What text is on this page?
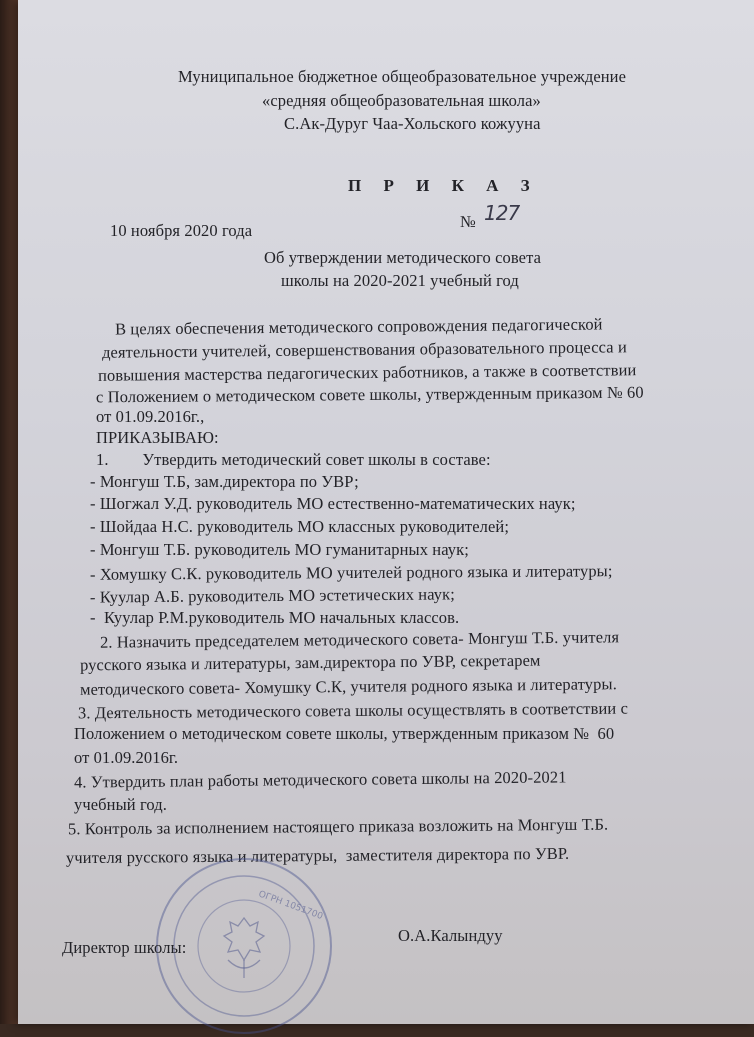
Муниципальное бюджетное общеобразовательное учреждение
«средняя общеобразовательная школа»
С.Ак-Дуруг Чаа-Хольского кожууна
П Р И К А З
10 ноября 2020 года	№ 127
Об утверждении методического совета
школы на 2020-2021 учебный год
В целях обеспечения методического сопровождения педагогической
деятельности учителей, совершенствования образовательного процесса и
повышения мастерства педагогических работников, а также в соответствии
с Положением о методическом совете школы, утвержденным приказом № 60
от 01.09.2016г.,
ПРИКАЗЫВАЮ:
1.        Утвердить методический совет школы в составе:
- Монгуш Т.Б, зам.директора по УВР;
- Шогжал У.Д. руководитель МО естественно-математических наук;
- Шойдаа Н.С. руководитель МО классных руководителей;
- Монгуш Т.Б. руководитель МО гуманитарных наук;
- Хомушку С.К. руководитель МО учителей родного языка и литературы;
- Куулар А.Б. руководитель МО эстетических наук;
-  Куулар Р.М.руководитель МО начальных классов.
2. Назначить председателем методического совета- Монгуш Т.Б. учителя
русского языка и литературы, зам.директора по УВР, секретарем
методического совета- Хомушку С.К, учителя родного языка и литературы.
3. Деятельность методического совета школы осуществлять в соответствии с
Положением о методическом совете школы, утвержденным приказом №  60
от 01.09.2016г.
4. Утвердить план работы методического совета школы на 2020-2021
учебный год.
5. Контроль за исполнением настоящего приказа возложить на Монгуш Т.Б.
учителя русского языка и литературы,  заместителя директора по УВР.
ОГРН 1051700
Директор школы:
О.А.Калындуу
